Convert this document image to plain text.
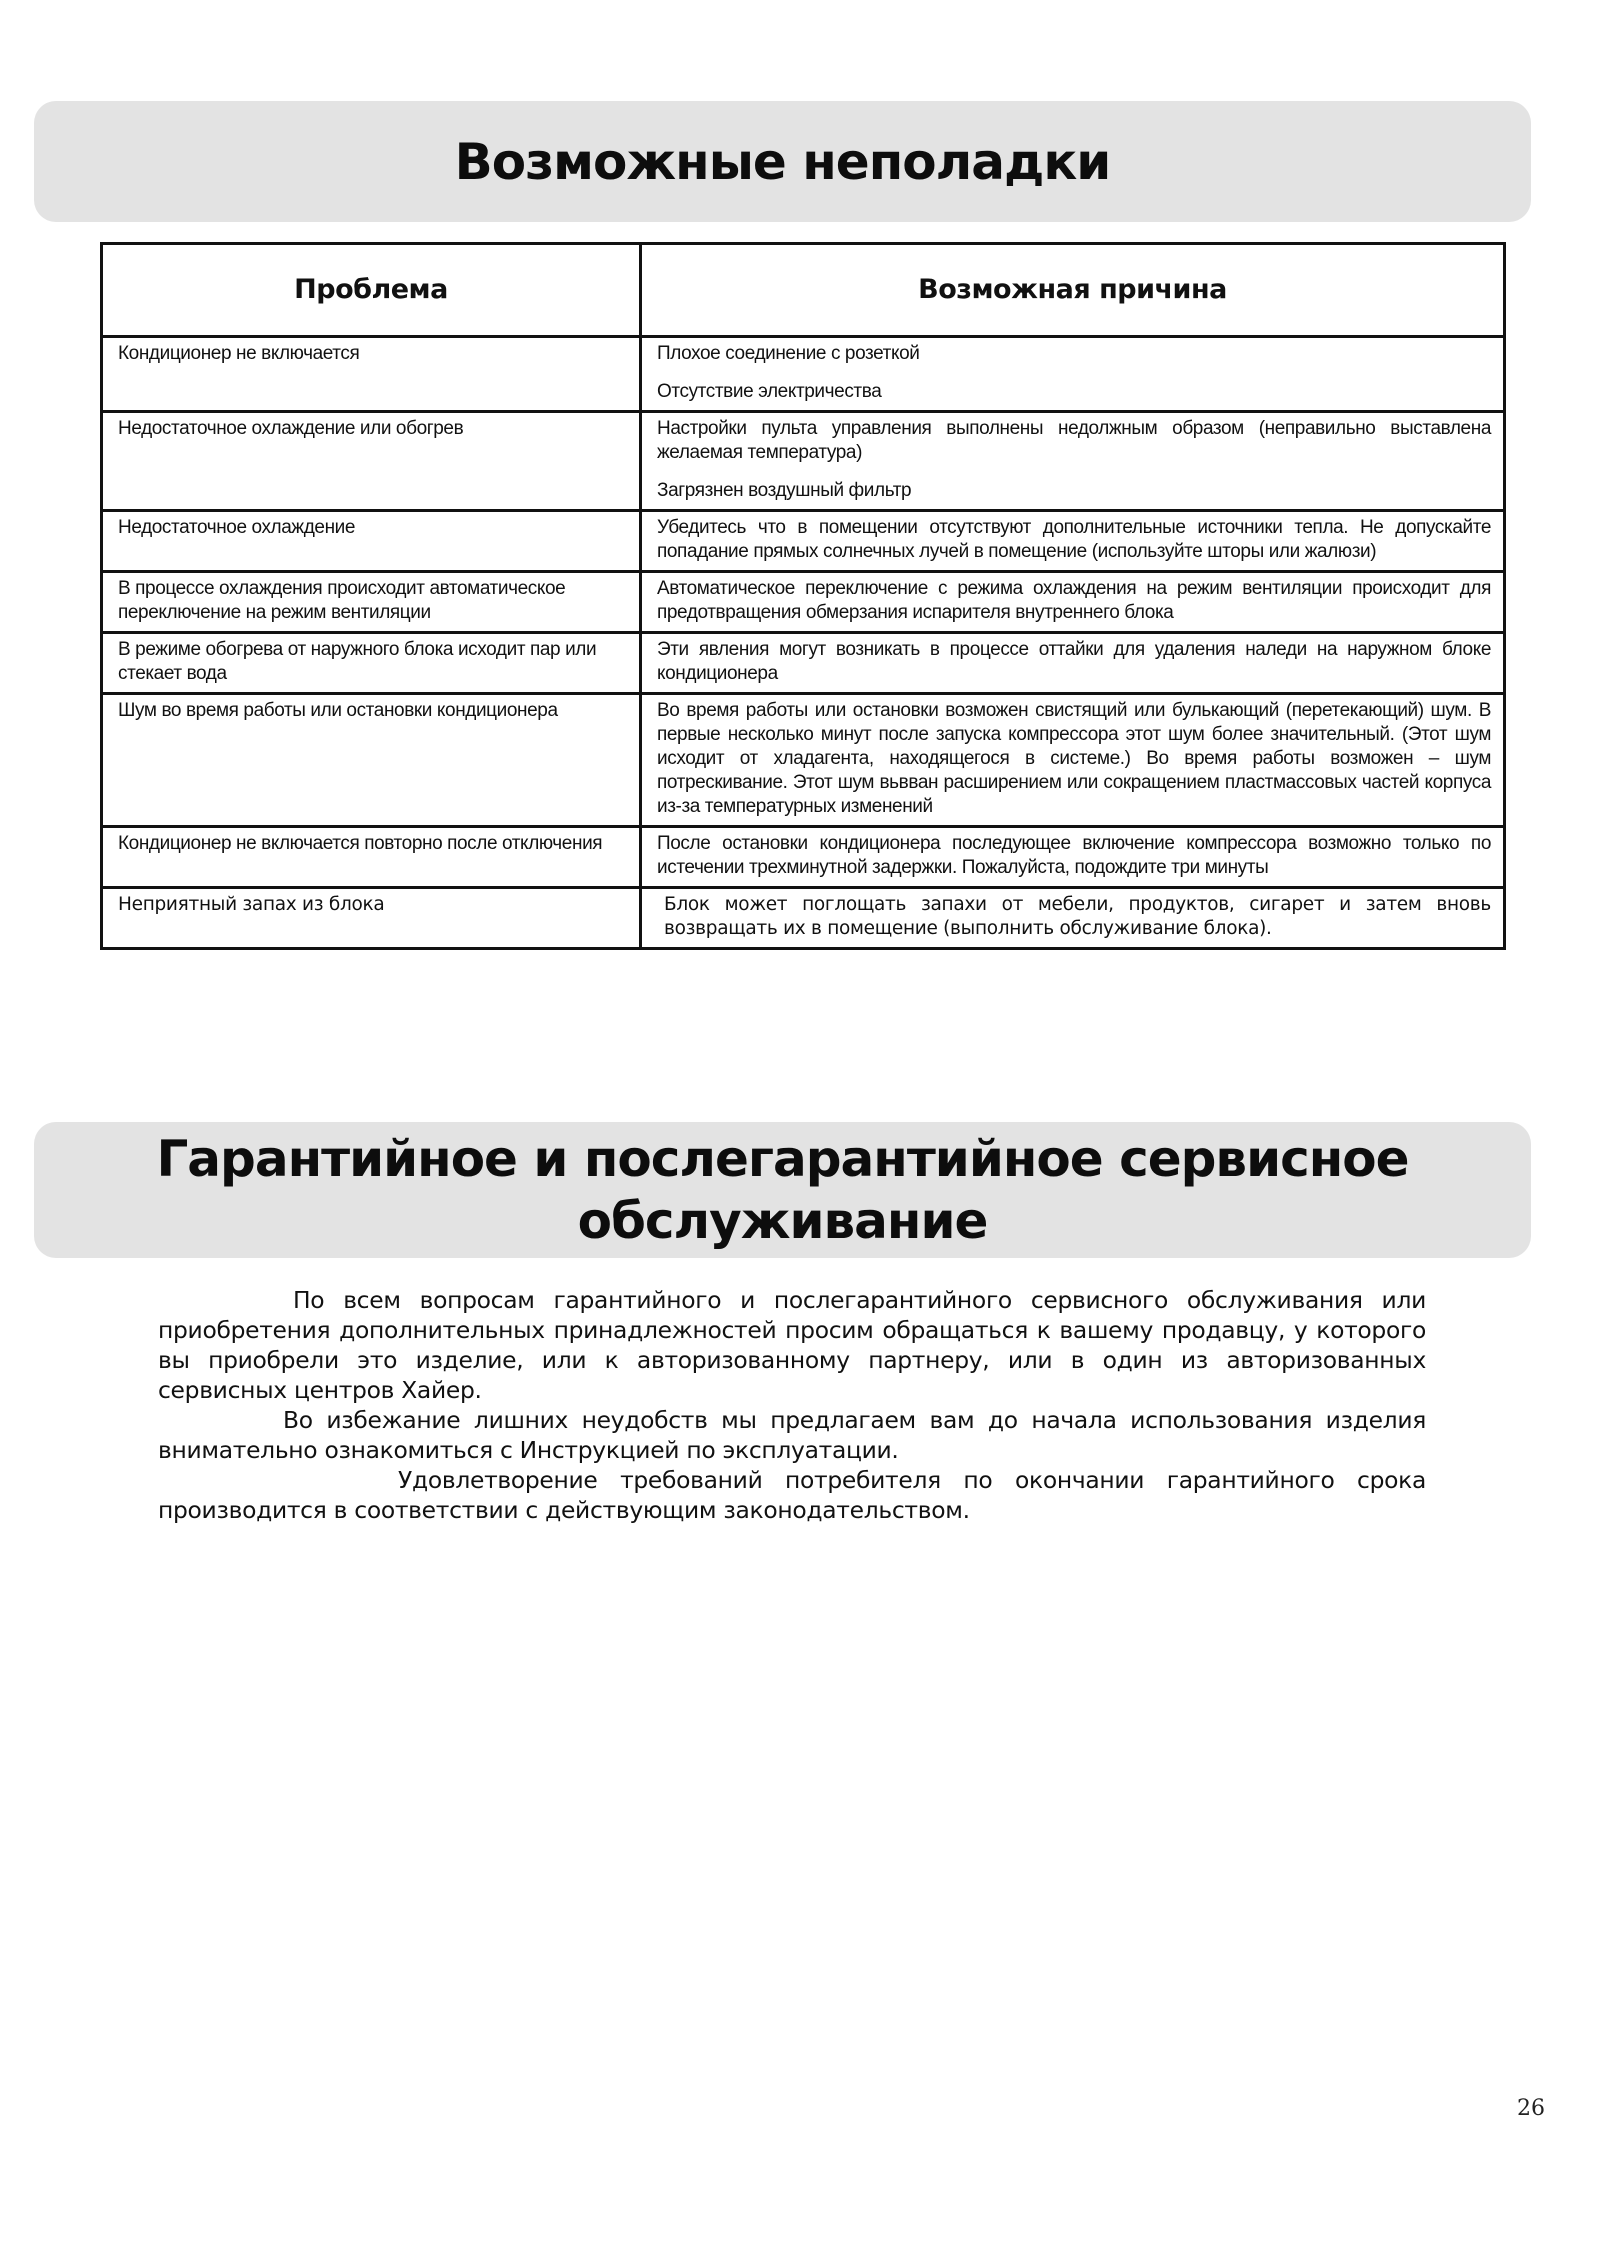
Возможные неполадки
Проблема	Возможная причина
Кондиционер не включается	Плохое соединение с розеткой
Отсутствие электричества

Недостаточное охлаждение или обогрев	Настройки пульта управления выполнены недолжным образом (неправильно выставлена желаемая температура)
Загрязнен воздушный фильтр

Недостаточное охлаждение	Убедитесь что в помещении отсутствуют дополнительные источники тепла. Не допускайте попадание прямых солнечных лучей в помещение (используйте шторы или жалюзи)

В процессе охлаждения происходит автоматическое переключение на режим вентиляции	Автоматическое переключение с режима охлаждения на режим вентиляции происходит для предотвращения обмерзания испарителя внутреннего блока

В режиме обогрева от наружного блока исходит пар или стекает вода	Эти явления могут возникать в процессе оттайки для удаления наледи на наружном блоке кондиционера

Шум во время работы или остановки кондиционера	Во время работы или остановки возможен свистящий или булькающий (перетекающий) шум. В первые несколько минут после запуска компрессора этот шум более значительный. (Этот шум исходит от хладагента, находящегося в системе.) Во время работы возможен – шум потрескивание. Этот шум вьвван расширением или сокращением пластмассовых частей корпуса из-за температурных изменений

Кондиционер не включается повторно после отключения	После остановки кондиционера последующее включение компрессора возможно только по истечении трехминутной задержки. Пожалуйста, подождите три минуты

Неприятный запах из блока	Блок может поглощать запахи от мебели, продуктов, сигарет и затем вновь возвращать их в помещение (выполнить обслуживание блока).
Гарантийное и послегарантийное сервисное обслуживание

По всем вопросам гарантийного и послегарантийного сервисного обслуживания или приобретения дополнительных принадлежностей просим обращаться к вашему продавцу, у которого вы приобрели это изделие, или к авторизованному партнеру, или в один из авторизованных сервисных центров Хайер.

Во избежание лишних неудобств мы предлагаем вам до начала использования изделия внимательно ознакомиться с Инструкцией по эксплуатации.

Удовлетворение требований потребителя по окончании гарантийного срока производится в соответствии с действующим законодательством.

26
